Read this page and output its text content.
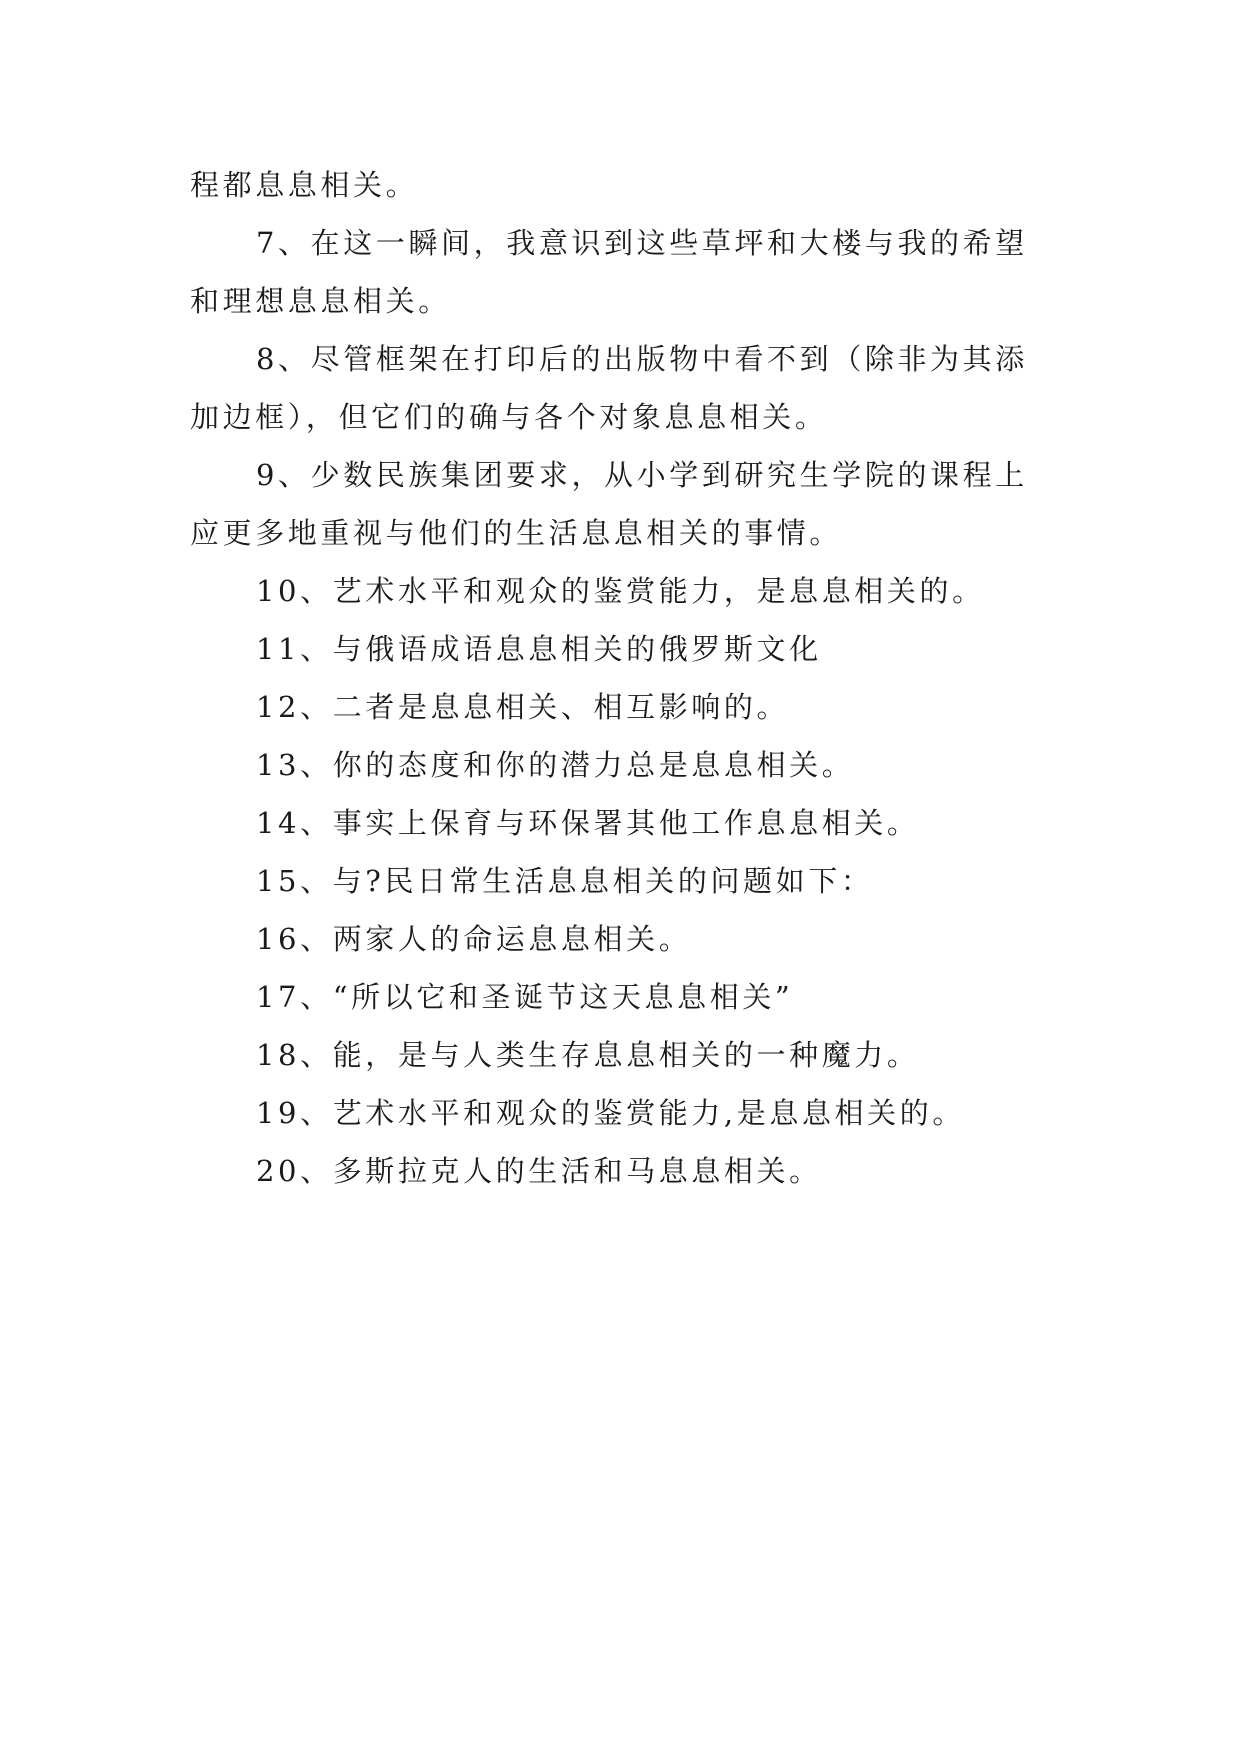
程都息息相关。

7、在这一瞬间，我意识到这些草坪和大楼与我的希望和理想息息相关。

8、尽管框架在打印后的出版物中看不到（除非为其添加边框），但它们的确与各个对象息息相关。

9、少数民族集团要求，从小学到研究生学院的课程上应更多地重视与他们的生活息息相关的事情。

10、艺术水平和观众的鉴赏能力，是息息相关的。

11、与俄语成语息息相关的俄罗斯文化

12、二者是息息相关、相互影响的。

13、你的态度和你的潜力总是息息相关。

14、事实上保育与环保署其他工作息息相关。

15、与?民日常生活息息相关的问题如下：

16、两家人的命运息息相关。

17、“所以它和圣诞节这天息息相关”

18、能，是与人类生存息息相关的一种魔力。

19、艺术水平和观众的鉴赏能力,是息息相关的。

20、多斯拉克人的生活和马息息相关。
